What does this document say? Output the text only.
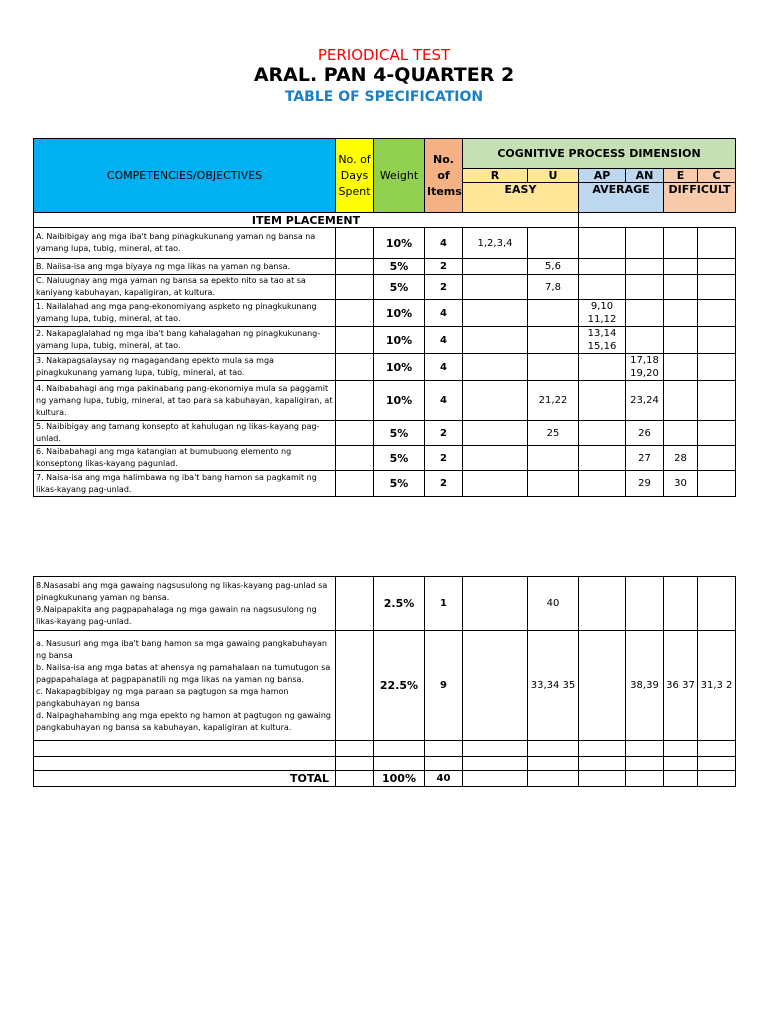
PERIODICAL TEST
ARAL. PAN 4-QUARTER 2
TABLE OF SPECIFICATION
COMPETENCIES/OBJECTIVES	No. of Days Spent	Weight	No. of Items	COGNITIVE PROCESS DIMENSION					

				R	U	AP	AN	E	C
				EASY		AVERAGE		DIFFICULT	
ITEM PLACEMENT									
A. Naibibigay ang mga iba't bang pinagkukunang yaman ng bansa na yamang lupa, tubig, mineral, at tao.		10%	4	1,2,3,4					
B. Naiisa-isa ang mga biyaya ng mga likas na yaman ng bansa.		5%	2		5,6				
C. Naiuugnay ang mga yaman ng bansa sa epekto nito sa tao at sa kaniyang kabuhayan, kapaligiran, at kultura.		5%	2		7,8				
1. Nailalahad ang mga pang-ekonomiyang aspketo ng pinagkukunang yamang lupa, tubig, mineral, at tao.		10%	4			9,10 11,12			
2. Nakapaglalahad ng mga iba't bang kahalagahan ng pinagkukunang- yamang lupa, tubig, mineral, at tao.		10%	4			13,14 15,16			
3. Nakapagsalaysay ng magagandang epekto mula sa mga pinagkukunang yamang lupa, tubig, mineral, at tao.		10%	4				17,18 19,20		
4. Naibabahagi ang mga pakinabang pang-ekonomiya mula sa paggamit ng yamang lupa, tubig, mineral, at tao para sa kabuhayan, kapaligiran, at kultura.		10%	4		21,22		23,24		
5. Naibibigay ang tamang konsepto at kahulugan ng likas-kayang pag-unlad.		5%	2		25		26		
6. Naibabahagi ang mga katangian at bumubuong elemento ng konseptong likas-kayang pagunlad.		5%	2				27	28	
7. Naisa-isa ang mga halimbawa ng iba't bang hamon sa pagkamit ng likas-kayang pag-unlad.		5%	2				29	30	
8.Nasasabi ang mga gawaing nagsusulong ng likas-kayang pag-unlad sa pinagkukunang yaman ng bansa.
9.Naipapakita ang pagpapahalaga ng mga gawain na nagsusulong ng likas-kayang pag-unlad.		2.5%	1		40				
a. Nasusuri ang mga iba't bang hamon sa mga gawaing pangkabuhayan ng bansa
b. Naiisa-isa ang mga batas at ahensya ng pamahalaan na tumutugon sa pagpapahalaga at pagpapanatili ng mga likas na yaman ng bansa.
c. Nakapagbibigay ng mga paraan sa pagtugon sa mga hamon pangkabuhayan ng bansa
d. Naipaghahambing ang mga epekto ng hamon at pagtugon ng gawaing pangkabuhayan ng bansa sa kabuhayan, kapaligiran at kultura.		22.5%	9		33,34 35		38,39	36 37	31,3 2

TOTAL		100%	40						
